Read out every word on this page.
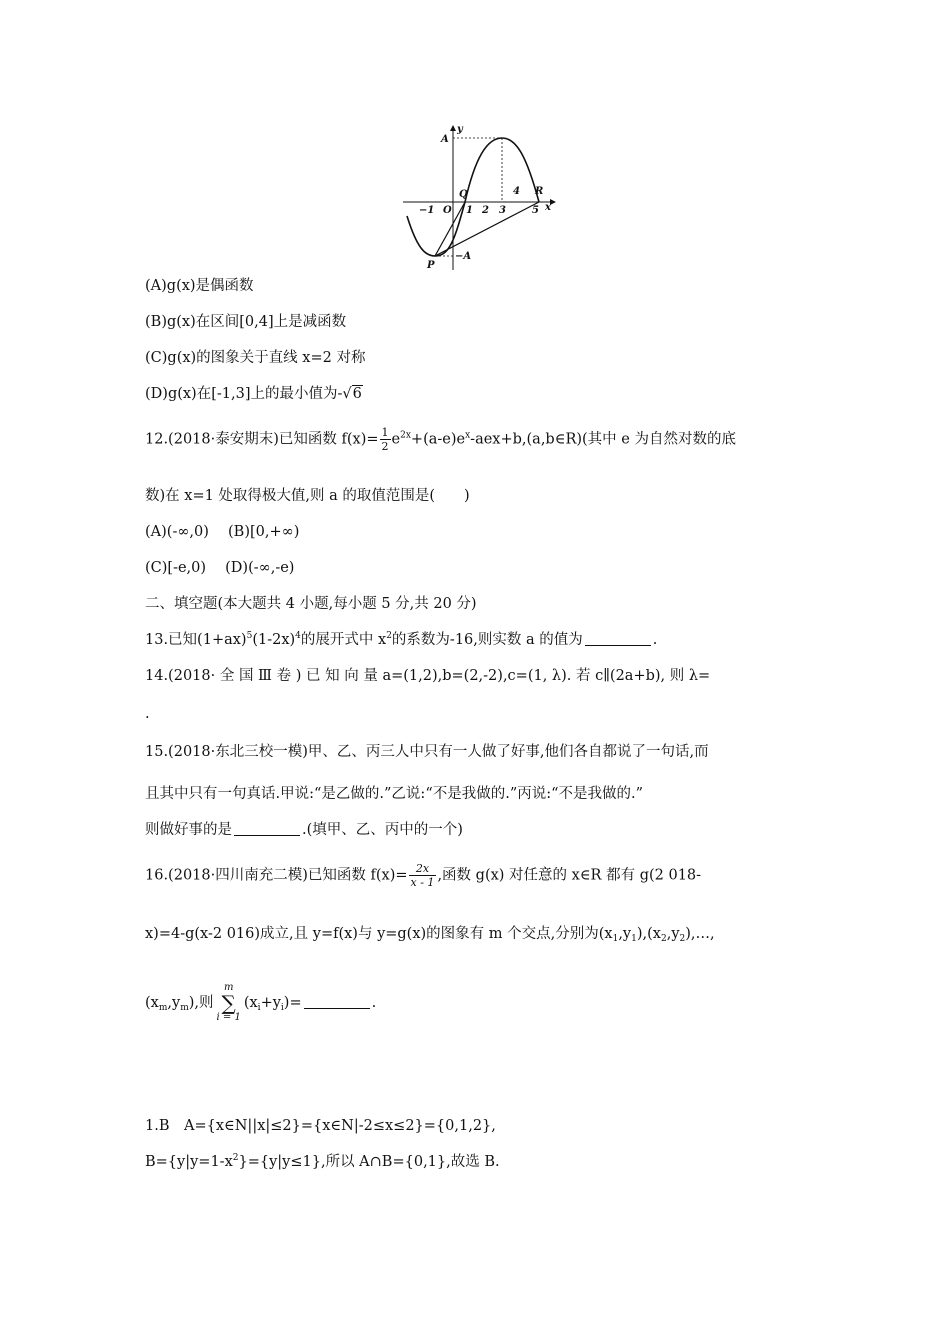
y
x
A
O
Q	R
P
−A
−1	1 2 3	5
4
(A)g(x)是偶函数
(B)g(x)在区间[0,4]上是减函数
(C)g(x)的图象关于直线 x=2 对称
(D)g(x)在[-1,3]上的最小值为-√6
12.(2018·泰安期末)已知函数 $f(x)= \frac{1}{2}$ $e^{2x}+(a-e)e^x-aex+b,(a,b\in R)$(其中 e 为自然对数的底
数)在 x=1 处取得极大值,则 a 的取值范围是(　　)
(A)(-∞,0)　 (B)[0,+∞)
(C)[-e,0)　 (D)(-∞,-e)
二、填空题(本大题共 4 小题,每小题 5 分,共 20 分)
13.已知$(1+ax)^5(1-2x)^4$的展开式中 $x^2$的系数为-16,则实数 a 的值为	.
14.(2018· 全 国 Ⅲ 卷 ) 已 知 向 量 a=(1,2),b=(2,-2),c=(1, λ). 若 c∥(2a+b), 则 λ=
.
15.(2018·东北三校一模)甲、乙、丙三人中只有一人做了好事,他们各自都说了一句话,而
且其中只有一句真话.甲说:“是乙做的.”乙说:“不是我做的.”丙说:“不是我做的.”
则做好事的是	.(填甲、乙、丙中的一个)
16.(2018·四川南充二模)已知函数 $f(x)= \frac{2x}{x - 1}$ ,函数 g(x) 对任意的 x∈R 都有 g(2 018-
x)=4-g(x-2 016)成立,且 y=f(x)与 y=g(x)的图象有 m 个交点,分别为$(x_1,y_1),(x_2,y_2),\dots$,
$(x_m,y_m)$,则
m
∑
i = 1
$(x_i+y_i)=$	.
1.B　A={x∈N||x|≤2}={x∈N|-2≤x≤2}={0,1,2},
$B=\{y|y=1-x^2\}=\{y|y\le 1\}$,所以 A∩B={0,1},故选 B.
